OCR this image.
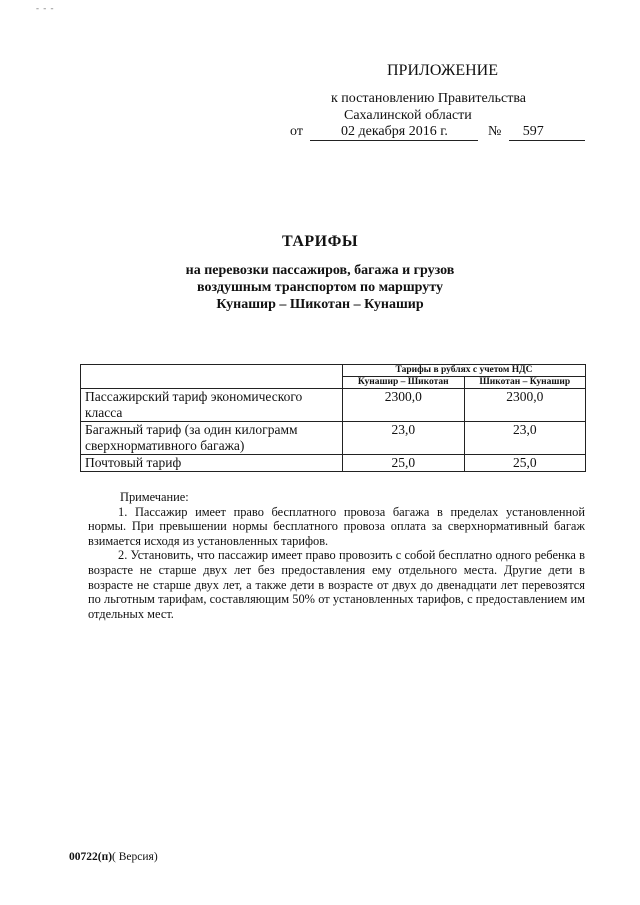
- - -
ПРИЛОЖЕНИЕ
к постановлению Правительства
Сахалинской области
от	02 декабря 2016 г.	№ 597
ТАРИФЫ
на перевозки пассажиров, багажа и грузов
воздушным транспортом по маршруту
Кунашир – Шикотан – Кунашир
	Тарифы в рублях с учетом НДС	
	Кунашир – Шикотан	Шикотан – Кунашир
Пассажирский тариф экономического класса	2300,0	2300,0
Багажный тариф (за один килограмм сверхнормативного багажа)	23,0	23,0
Почтовый тариф	25,0	25,0

Примечание:

1. Пассажир имеет право бесплатного провоза багажа в пределах установленной нормы. При превышении нормы бесплатного провоза оплата за сверхнормативный багаж взимается исходя из установленных тарифов.

2. Установить, что пассажир имеет право провозить с собой бесплатно одного ребенка в возрасте не старше двух лет без предоставления ему отдельного места. Другие дети в возрасте не старше двух лет, а также дети в возрасте от двух до двенадцати лет перевозятся по льготным тарифам, составляющим 50% от установленных тарифов, с предоставлением им отдельных мест.

00722(п)( Версия)
